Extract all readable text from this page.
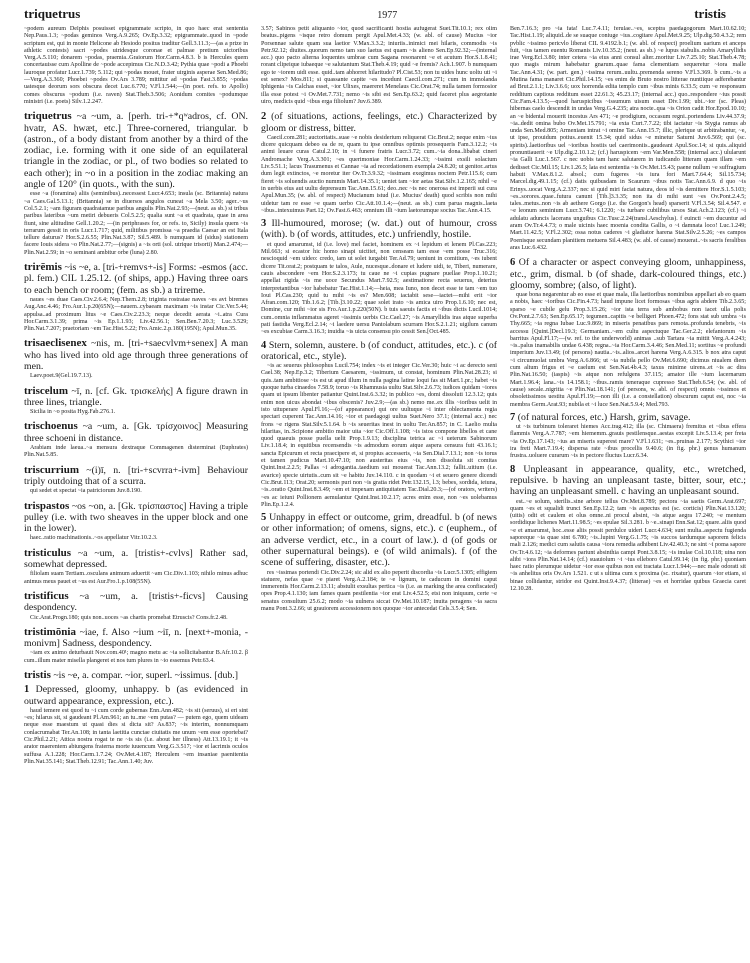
triquetrus	1977	tristis

~podem aureum Delphis posuisset epigrammate scripto, in quo haec erat sententia Nep.Paus.1.3; ~podas geminos Verg.A.9.265; Ov.Ep.3.32; epigrammate..quod in ~pode scriptum est, qui in monte Helicone ab Hesiodo positus traditur Gell.3.11.3;—(as a prize in athletic contests) sacri ~podes uiridesque coronae et palmae pretium uictoribus Verg.A.5.110; donarem ~podas, praemia..Graiorum Hor.Carm.4.8.3. b is Hercules quem concertauisse cum Apolline de ~pode accepimus Cic.N.D.3.42; Pythia quae ~podi a Phoebi lauroque profatur Lucr.1.739; 5.112; qui ~podas mouet, frater uirginis asperae Sen.Med.86; —Verg.A.3.360; Phoebei ~podes Ov.Ars 3.789; mittitur ad ~podas Fast.3.855; ~podas uatesque deorum sors obscura decet Luc.6.770; V.Fl.1.544;—(in poet. refs. to Apollo) comes obscurus ~podum (i.e. raven) Stat.Theb.3.506; Aonidum comites ~podumque ministri (i.e. poets) Silv.1.2.247.

triquetrus ~a ~um, a. [perh. tri-+*qʷadros, cf. ON. hvatr, AS. hwæt, etc.] Three-cornered, triangular. b (astron., of a body distant from another by a third of the zodiac, i.e. forming with it one side of an equilateral triangle in the zodiac, or pl., of two bodies so related to each other); in ~o in a position in the zodiac making an angle of 120° (in quots., with the sun).

esse ~a (foramina) aliis (seminibus)..necessest Lucr.4.653; insula (sc. Britannia) natura ~a Caes.Gal.5.13.1; (Britannia) se in diuersos angulos cuneat ~a Mela 3.50; ager..~us Col.5.2.1; ~am figuram quadratamue paribus angulis Plin.Nat.2.93;—(neut. as sb.) si tribus paribus lateribus ~um metiri debueris Col.5.2.5; qualia sunt ~a et quadrata, quae in area fiunt, sine altitudine Gell.1.20.2; —(in periphrases for, or refs. to, Sicily) insula quem ~is terrarum gessit in oris Lucr.1.717; quid, militibus promissa ~a praedia Caesar an est Itala tellure daturus? Hor.S.2.6.55; Plin.Nat.3.87; Sil.5.489. b numquam id (sidus) stationem facere Iouis sidera ~o Plin.Nat.2.77;—(signis) a ~is orti (sol. utrique trisorti) Man.2.474;—Plin.Nat.2.59; in ~o seminani ambitur orbe (luna) 2.80.

trirēmis ~is ~e, a. [tri-+remvs+-is] Forms: -esmos (acc. pl. fem.) CIL 1.25.12. (of ships, app.) Having three oars to each bench or room; (fem. as sb.) a trireme.

naues ~es duae Caes.Civ.2.6.4; Nep.Them.2.8; triginta rostratae naves ~es avt biremes Aug.Anc.4.46; Fro.Aur.1.p.20(65N);—nauem..cybaeam maximam ~is instar Cic.Ver.5.44; appulsa..ad proximum litus ~e Caes.Civ.2.23.3; neque decedit aerata ~i..atra Cura Hor.Carm.3.1.39; prima ~is Ep.1.1.93; Liv.42.56.1; Sen.Ben.7.20.3; Luc.3.529; Plin.Nat.7.207; praetoriam ~em Tac.Hist.5.22; Fro.Amic.2.p.180(195N); Apul.Mun.35.

trisaeclisenex ~nis, m. [tri-+saecvlvm+senex] A man who has lived into old age through three generations of men.

Laev.poet.9(Gel.19.7.13).

triscelum ~ī, n. [cf. Gk. τρισκελής] A figure drawn in three lines, triangle.

Sicilia in ~o posita Hyg.Fab.276.1.

trischoenus ~a ~um, a. [Gk. τρίσχοινος] Measuring three schoeni in distance.

Arabiam inde laeua..~a mensura dextraque Commagenen disterminat (Euphrates) Plin.Nat.5.85.

triscurrium ~(i)ī, n. [tri-+scvrra+-ivm] Behaviour triply outdoing that of a scurra.

qui sedet et spectat ~ia patriciorum Juv.8.190.

trispastos ~os ~on, a. [Gk. τρίσπαστος] Having a triple pulley (i.e. with two sheaves in the upper block and one in the lower).

haec..ratio machinationis..~os appellatur Vitr.10.2.3.

tristiculus ~a ~um, a. [tristis+-cvlvs] Rather sad, somewhat depressed.

filiolam suam Tertiam..osculans animum aduertit ~am Cic.Div.1.103; nihilo minus adhuc animus meus pauet et ~us est Aur.Fro.1.p.108(55N).

tristificus ~a ~um, a. [tristis+-ficvs] Causing despondency.

Cic.Arat.Progn.180; quis non..uoces ~as chartis promebat Etruscis? Cons.fr.2.48.

tristimōnia ~iae, f. Also ~ium ~iī, n. [next+-monia, -monivm] Sadness, despondency.

~iam ex animo deturbauit Nov.com.40¹; magno metu ac ~ia sollicitabantur B.Afr.10.2. β cum..illum mater misella plangeret et nos tum plures in ~io essemus Petr.63.4.

tristis ~is ~e, a. compar. ~ior, superl. ~issimus. [dub.]

1 Depressed, gloomy, unhappy. b (as evidenced in outward appearance, expression, etc.).

haud temere est quod tu ~i cum corde gubernas Enn.Ann.482; ~is sit (seruus), si eri sint ~es; hilarus sit, si gaudeant Pl.Am.961; an tu..me ~em putas? — putem ego, quem uideam neque esse maestum ut quasi dies si dicta sit? As.837; ~is interim, nonnumquam conlacrumabat Ter.An.108; in tanta laetitia cunctae ciuitatis me unum ~em esse oportebat? Cic.Phil.2.21; Attica nostra rogat te ne ~is sis (i.e. about her illness) Att.13.19.1; it ~is arator maerentem abiungens fraterna morte iuuencum Verg.G.3.517; ~ior et lacrimis oculos suffusa A.1.228; Hor.Carm.1.7.24; Ov.Met.4.187; Herculem ~em insaniae paenitentia Plin.Nat.35.141; Stat.Theb.12.91; Tac.Ann.1.40; Juv.

3.57; Sabinos petit aliquanto ~ior, quod sacrificanti hostia aufugerat Suet.Tit.10.1; rex olim beatus..pigens ~isque retro domum pergit Apul.Met.4.33; (w. abl. of cause) Mucius ~ior Porsennae salute quam sua laetior V.Max.3.3.2; iniuriis..inimici mei hilaris, commodis ~is Petr.92.12; diuites..quorum nemo tam suo laetus est quam ~is alieno Sen.Ep.92.32;—(internal acc.) quo pacto alterna loquentes umbrae cum Sagana resonarent ~e et acutum Hor.S.1.8.41; rorant clipeique iubaeque ~e salutantum Stat.Theb.4.19; quid ~e fremis? Ach.1.907. b numquam ego te ~iorem uidi esse. quid..tam abhorret hilaritudo? Pl.Cist.53; non tu uides hunc uoltu uti ~i est senex? Mos.811; si quassante capite ~es incedunt Caecil.com.271; cum in immolanda Iphigenia ~is Calchas esset, ~ior Ulixes, maereret Menelaus Cic.Orat.74; nulla tamen formosior illa esse potest ~i Ov.Met.7.731; nemo ~is sibi est Sen.Ep.63.2; quid faceret plus aegrotante uiro, medicis quid ~ibus erga filiolum? Juv.6.389.

2 (of situations, actions, feelings, etc.) Characterized by gloom or distress, bitter.

Caecil.com.281; auctoritatis..suae ~e nobis desiderium reliquerat Cic.Brut.2; neque enim ~ius dicere quicquam debeo ea de re, quam tu ipse omnibus optimis prosequeris Fam.3.12.2; ~is animi leuare curas Catul.2.10; in ~i funere fratris Lucr.3.72; cum..~ia dona..libabat cineri Andromache Verg.A.3.301; ~es querimoniae Hor.Carm.1.24.33; ~issimi exsili solacium Liv.5.51.1; lacus Trasumenus et Cannae ~ia ad recordationem exempla 24.8.20; ut genitor..artus dum legit extinctos, ~e moretur iter Ov.Tr.3.9.32; ~issimam exegimus noctem Petr.115.6; cum fieret ~is soluendis auctio nummis Mart.14.35.1; ueniet tam ~ior aetas Stat.Silv.1.2.165; nihil ~e in uerbis eius aut uultu deprensum Tac.Ann.15.61; deo..nec ~is nec onerosa est imperii sui cura Apul.Mun.35; (w. abl. of respect) Mucianum istud (i.e. Mucius' death) quod scribis non mihi uidetur tam re esse ~e quam uerbo Cic.Att.10.1.4;—(neut. as sb.) cum parua magnis..laeta ~ibus..intexuimus Part.12; Ov.Fast.6.463; omnium illi ~ium laetorumque socius Tac.Ann.4.15.

3 Ill-humoured, morose; (w. dat.) out of humour, cross (with). b (of words, attitudes, etc.) unfriendly, hostile.

et quod amarumst, id (i.e. love) mel faciet, hominem ex ~i lepidum et lenem Pl.Cas.223; Mil.663; si ecastor hic homo sinapi uictitet, non censeam tam esse ~em posse Truc.316; nescioquid ~em uideo: credo, iam ut solet iurgabit Ter.Ad.79; ueniunt in comitium, ~es iubent dicere Tit.orat.2; postquam te talos, Aule, nucesque..donare et ludere uidi, te, Tiberi, numerare, cauis abscondere ~em Hor.S.2.3.173; tu caue ne ~i cupias pugnare puellae Prop.1.10.21; appellat rigida ~is me uoce Secundus Mart.7.92.5; aestimatione recta seuerus, deterius interpretantibus ~ior habebatur Tac.Hist.1.14;—heia, mea Iuno, non decet esse te tam ~em tuo Ioui Pl.Cas.230; quid tu mihi ~is es? Men.608; iactabit sese—iactet—mihi erit ~ior Afran.com.120; Tib.1.6.2; [Tib.]3.10.22; quae solet irato ~is amica uiro Prop.1.6.10; nec est, Domine, cur mihi ~ior sis Fro.Aur.1.p.220(50N). b tuis saeuis factis et ~ibus dictis Lucil.1014; cum..omnia inflammatus ageret ~issimis uerbis Cic.Cael.27; ~is Amaryllidis iras atque superba pati fastidia Verg.Ecl.2.14; ~i laedere uersu Pantolabum scurram Hor.S.2.1.21; uigilum canum ~es excubiae Carm.3.16.3; inuidia ~is uicta consensu pio cessit Sen.[Oct.485.

4 Stern, solemn, austere. b (of conduct, attitudes, etc.). c (of oratorical, etc., style).

~is ac seuerus philosophus Lucil.754; index ~is et integer Cic.Ver.30; huic ~i ac derecto seni Cael.38; Nep.Ep.3.2; Tiberium Caesarem, ~issimum, ut constat, hominum Plin.Nat.28.23; si quis..tam ambitiose ~is est ut apud illum in nulla pagina latine loqui fas sit Mart.1.pr.; habet ~is quoque turba cinaedos 7.58.9; toruo ~is Rhamnusia uultu Stat.Silv.2.6.73; iudices quidam ~iores quam ut ipsum libenter patiantur Quint.Inst.6.3.32; in publico ~es, domi dissoluti 12.3.12; quis enim non uicus abondat ~ibus obscenis? Juv.2.9;—(as sb.) nemo me..ex illis ~ioribus uelit in isto uituperare Apul.Fl.16;—(of appearance) qui ore uultuque ~i inter oblectamenta regia spectari cuperent Tac.Ann.14.16; ~ior et paedagogi uultus Suet.Nero 37.1; (internal acc.) nec frons ~e rigens Stat.Silv.5.1.64. b ~is seueritas inest in uoltu Ter.An.857; in C. Laelio multa hilaritas, in..Scipione ambitio maior uita ~ior Cic.Off.1.108; ~is istos compone libellos et cane quod quaeuis posse puella uelit Prop.1.9.13; disciplina tetrica ac ~i ueterum Sabinorum Liv.1.18.4; in equitibus recensendis ~is admodum eorum atque aspera censura fuit 43.16.1; sancta Epicurum et recta praecipere et, si propius accesseris, ~ia Sen.Dial.7.13.1; non ~is torus et tamen pudicus Mart.10.47.10; non austeritas eius ~is, non dissoluta sit comitas Quint.Inst.2.2.5; Pallas ~i adrogantia..taedium sui mouerat Tac.Ann.13.2; fallit..uitium (i.e. avarice) specie uirtutis..cum sit ~e habitu Juv.14.110. c in quodam ~i et seuero genere dicendi Cic.Brut.113; Orat.20; sermonis puri non ~is gratia ridet Petr.132.15, l.3; bebes, sordida, ieiuna, ~is..oratio Quint.Inst.8.3.49; ~em et impexam antiquitatem Tac.Dial.20.3;—(of orators, writers) ~es ac ieiuni Pollionem aemulantur Quint.Inst.10.2.17; acres enim esse, non ~es uolebamus Plin.Ep.1.2.4.

5 Unhappy in effect or outcome, grim, dreadful. b (of news or other information; of omens, signs, etc.). c (euphem., of an adverse verdict, etc., in a court of law.). d (of gods or other supernatural beings). e (of wild animals). f (of the scene of suffering, disaster, etc.).

res ~issimas portendi Cic.Div.2.24; sic alid ex alio peperit discordia ~is Lucr.5.1305; effigiem statuere, nefas quae ~e piaret Verg.A.2.184; te ~e lignum, te caducum in domini caput immerentis Hor.Carm.2.13.11; abstulit exsultas pertica ~is (i.e. as marking the area confiscated) opes Prop.4.1.130; iam fames quam pestilentia ~ior erat Liv.4.52.5; etsi non iniquum, certe ~e senatus consultum 25.6.2; modo ~ia uulnera siccat Ov.Met.10.187; inuita peragens ~ia sacra manu Pont.3.2.66; ut grauiorem accessionem nox quoque ~ior antecedat Cels.3.5.4; Sen.

Ben.7.16.3; pro ~ia fata! Luc.7.4.11; ferulae..~es, sceptra paedagogorum Mart.10.62.10; Tac.Hist.1.19; aliquid..de se suaque coniuge ~ius..cogitare Apul.Met.9.25; Ulp.dig.50.4.3.2; rem pvblic ~issimo pericvlo liberat CIL 9.4192.b.1; (w. abl. of respect) proelium uarium et anceps fuit, ~ius tamen euentu Romanis Liv.10.35.2; (neut. as sb.) ~e lupus stabulis..nobis Amaryllidis irae Verg.Ecl.3.80; inter cetera ~ia eius anni consul alter..moritur Liv.7.25.10; Stat.Theb.4.78; quo magis mirum habebatur gnarum..quae fama clementiam sequeretur ~iora malle Tac.Ann.4.31; (w. part. gen.) ~issima rerum..uultu..premenda sereno V.Fl.3.369. b cum..~is a Mutina fama manaret Cic.Phil.14.15; ~es enim de Bruto nostro litterae nuntiique adferebantur ad Brut.2.1.1; Liv.3.6.6; uox horrenda edita templo cum ~ibus minis 6.33.5; cum ~e responsum redditum captious redditum esset 22.61.3; 45.23.17; (internal acc.) quo..respondere ~ius possit Cic.Fam.4.13.5;—quod haruspicibus ~issumum uisum esset Div.1.99; ubi..~ior (sc. Pleas) hibernas caelo descendit in undas Verg.G.4.235; atra nocte..qua ~is Orion cadit Hor.Epod.10.10; an ~e bidental mouerit incestus Ars 471; ~e prodigium, occasum regni..portendens Liv.44.37.9; ~ia..dedit omina bubo Ov.Met.15.791; ~ia exta Curt.7.7.22; tibi iactatur ~is Stygia ramus ab unda Sen.Med.805; Armeniam intrat ~i omine Tac.Ann.15.7; illic, plerique ut arbitrabantur, ~e, ut ipse, prouidum potius..euenit 15.34; quid sidus ~e minetur Saturni Juv.6.569; qui (sc. spirits)..laetioribus uel ~ioribus hostiis uel caerimoniis..gaudeant Apul.Soc.14; si quis..aliquid pronuntiauerit ~e Ulp.dig.2.10.1.2; (cf.) haruspicem ~em Var.Men.558; (internal acc.) ulularunt ~ia Galli Luc.1.567. c nec uobis tam hanc salutarem in iudicando litteram quam illam ~em dedisset Cic.Mil.15; Liv.1.26.5; lata est sententia ~is Ov.Met.15.43; paene nullum ~e suffragium habuit V.Max.8.1.2. absol.; cum fugeres ~is iura fori Mart.7.64.4; Sil.15.734; Marcel.dig.49.1.15; (cf.) datis quibusdam in Scaurum ~ibus notis Tac.Ann.6.9. d quo ~is Erinys..uocat Verg.A.2.337; nec si quid miri faciat natura, deos id ~is demittere Hor.S.1.5.103; ~es..sorores..quae..futura canunt [Tib.]3.3.35; non ita di mihi sunt ~es Ov.Pont.2.4.5; tales..metus..non ~is ab aethere Gorgo (i.e. the Gorgon's head) sparserit V.Fl.3.54; Sil.4.547. e ~e leonum seminium Lucr.3.741; 6.1220; ~is turbare cubilibus ursos Stat.Ach.2.123; (cf.) ~i adulatu aduncis lacerans unguibus Cic.Tusc.2.24(transl.Aeschylus). f euincti ~em ducuntur ad aram Ov.Tr.4.4.73; o male uicinis haec moenia condita Gallis, o ~i damnata loco! Luc.1.249; Mart.11.42.5; V.Fl.2.302; ossa notus caderes ~i gladiator harena Stat.Silv.2.5.26; ~es campos Poenisque secundam planitiem metuens Sil.4.483; (w. abl. of cause) mouerat..~is sacris feralibus aras Luc.6.432.

6 Of a character or aspect conveying gloom, unhappiness, etc., grim, dismal. b (of shade, dark-coloured things, etc.) gloomy, sombre; (also, of light).

quae bona negarentur ab eo esse et quae mala, illa laetioribus nominibus appellari ab eo quam a nobis, haec ~ioribus Cic.Fin.4.73; haud impune licet formosas ~ibus agris abdere Tib.2.3.65; sparso ~e cubile gelu Prop.3.15.26; ~ior ista terra sub ambobus non iacet ulla polis Ov.Pont.2.7.63; Sen.Ep.65.17; tegumen..capitis ~e belligeri Phoen.472; fons stat sub umbra ~is Thy.665; ~ia regna Iubae Luc.9.869; in miseris penatibus pars remota..profunda tenebris, ~is accessu [Quint.]Decl.19.3; Germaniam..~em cultu aspectuque Tac.Ger.2.2; elefantorum ~is barritus Apul.Fl.17;—(w. ref. to the underworld) animas ..sub Tartara ~ia mittit Verg.A.4.243; ~is..palus inamabilis undae 6.438; regna..~ia Hor.Carm.3.4.46; Sen.Med.11; sortitus ~e profundi imperium Juv.13.49; (of persons) nautia..~is..alios..arcet harena Verg.A.6.315. b nox atra caput ~i circumuolat umbra Verg.A.6.866; ut ~ia nubila pello Ov.Met.6.690; dicimus niualem diem cum altum frigus et ~e caelum est Sen.Nat.4b.4.3; taxus minime uirens..et ~is ac dira Plin.Nat.16.50; (iaspis) ~is atque non refulgens 37.115; amator ille ~ium lacernarum Mart.1.96.4; lana..~is 14.158.1; ~ibus..ramis teneraque cupresso Stat.Theb.6.54; (w. abl. of cause) secale..nigritia ~e Plin.Nat.18.141; (of persons, w. abl. of respect) omnis ~issimos et obsoletissimos uestitu Apul.Fl.19;—non illi (i.e. a constellation) obscurum caput est, noc ~ia membra Germ.Arat.93; nubila et ~i luce Sen.Nat.5.9.4; Med.793.

7 (of natural forces, etc.) Harsh, grim, savage.

ut ~is turbinum toleraret hiemes Acc.trag.412; illa (sc. Chimaera) fremitus et ~ibus effera flammis Verg.A.7.787; ~em hiememm..grauis pestilensque..aestas excepit Liv.5.13.4; per freta ~ia Ov.Ep.17.143; ~ius an miseris superest mare? V.Fl.1.631; ~es..pruinas 2.177; Scythici ~ior ira freti Mart.7.19.4; dispersa rate ~ibus procellis 9.40.6; (in fig. phr.) genus humanum frustra..uoluere curarum ~is in pectore fluctus Lucr.6.34.

8 Unpleasant in appearance, quality, etc., wretched, repulsive. b having an unpleasant taste, bitter, sour, etc.; having an unpleasant smell. c having an unpleasant sound.

est..~e solum, sterilis..sine arbore tellus Ov.Met.8.789; pectora ~ia saetis Germ.Arat.697; quam ~es et squalidi trunci Sen.Ep.12.2; tam ~is aspectus est (sc. corticis) Plin.Nat.13.120; (uitis) odit et caulem et olus omne..ni procul absint, ~is atque aegra 17.240; ~e mentum sordidique lichenes Mart.11.98.5; ~es epulae Sil.3.281. b ~e..sinapi Enn.Sat.12; quare..aliis quod ~e et amarumst, hoc..esse aliis possit perdulce uideri Lucr.4.634; sunt multa..aspectu fugienda saporeque ~ia quae sint 6.780; ~is..lupini Verg.G.1.75; ~is succos tardumque saporem felicis mali 2.126; medici cum salutis causa ~iora remedia adhibent Liv.42.40.3; ne sint ~i poma sapore Ov.Tr.4.6.12; ~ia deformes pariunt absinthia campi Pont.3.8.15; ~is inulae Col.10.118; uina non alibi ~iora Plin.Nat.14.14; (cf.) suauiolum ~i ~ius elleboro Catul.99.14; (in fig. phr.) quoniam haec ratio plerumque uidetur ~ior esse quibus non est tractata Lucr.1.944;—nec male odorati sit ~is anhelitus oris Ov.Ars 1.521. c ut s ultima cum x proxima (sc. rixatur), quarum ~ior etiam, si binae collidantur, stridor est Quint.Inst.9.4.37; (litterae) ~es et horridae quibus Graecia caret 12.10.28.
